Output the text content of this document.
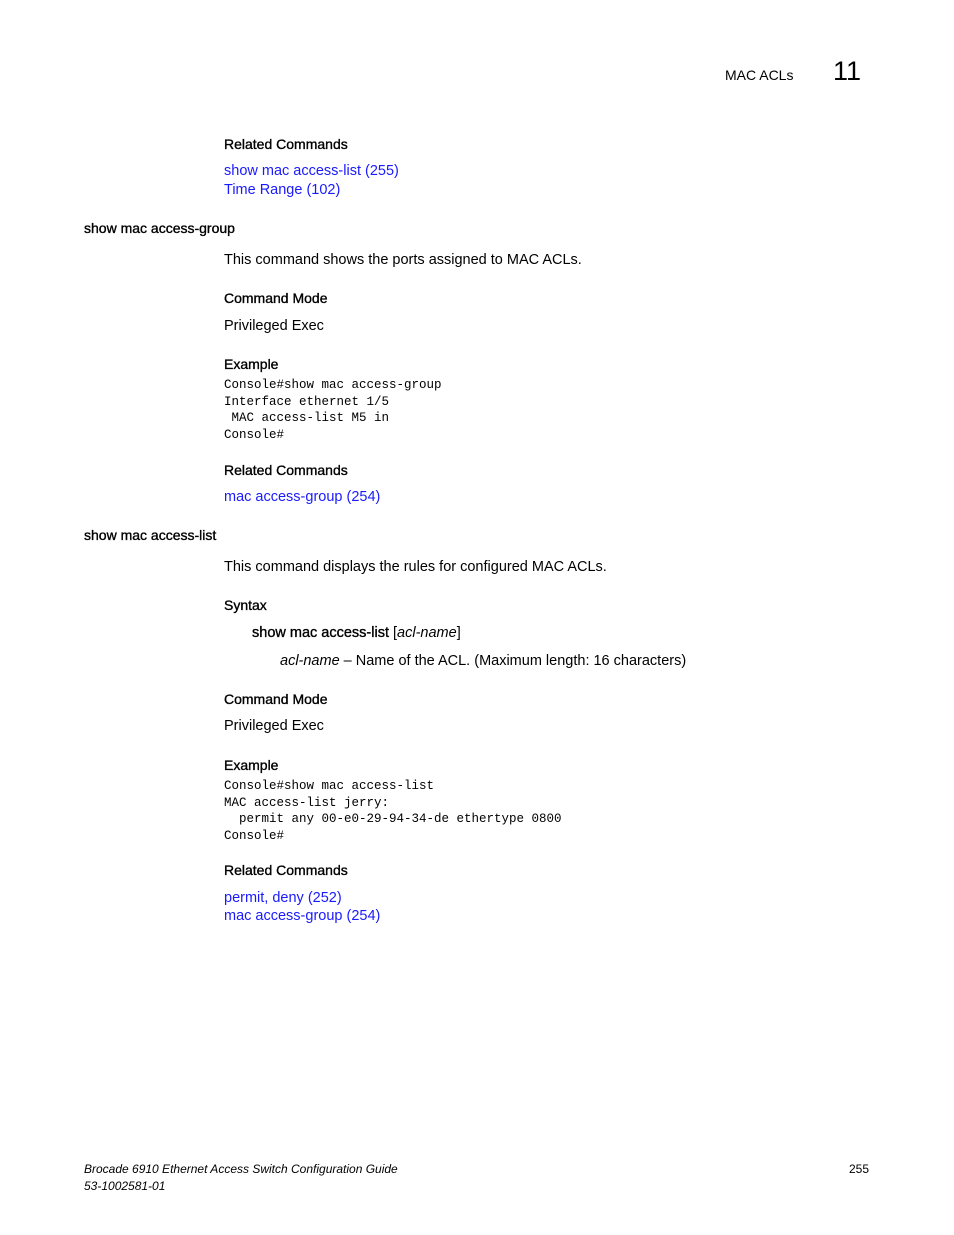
MAC ACLs 11
Related Commands
show mac access-list (255)
Time Range (102)
show mac access-group
This command shows the ports assigned to MAC ACLs.
Command Mode
Privileged Exec
Example
Console#show mac access-group
Interface ethernet 1/5
MAC access-list M5 in
Console#
Related Commands
mac access-group (254)
show mac access-list
This command displays the rules for configured MAC ACLs.
Syntax
show mac access-list [acl-name]
acl-name – Name of the ACL. (Maximum length: 16 characters)
Command Mode
Privileged Exec
Example
Console#show mac access-list
MAC access-list jerry:
permit any 00-e0-29-94-34-de ethertype 0800
Console#
Related Commands
permit, deny (252)
mac access-group (254)
Brocade 6910 Ethernet Access Switch Configuration Guide
53-1002581-01
255
